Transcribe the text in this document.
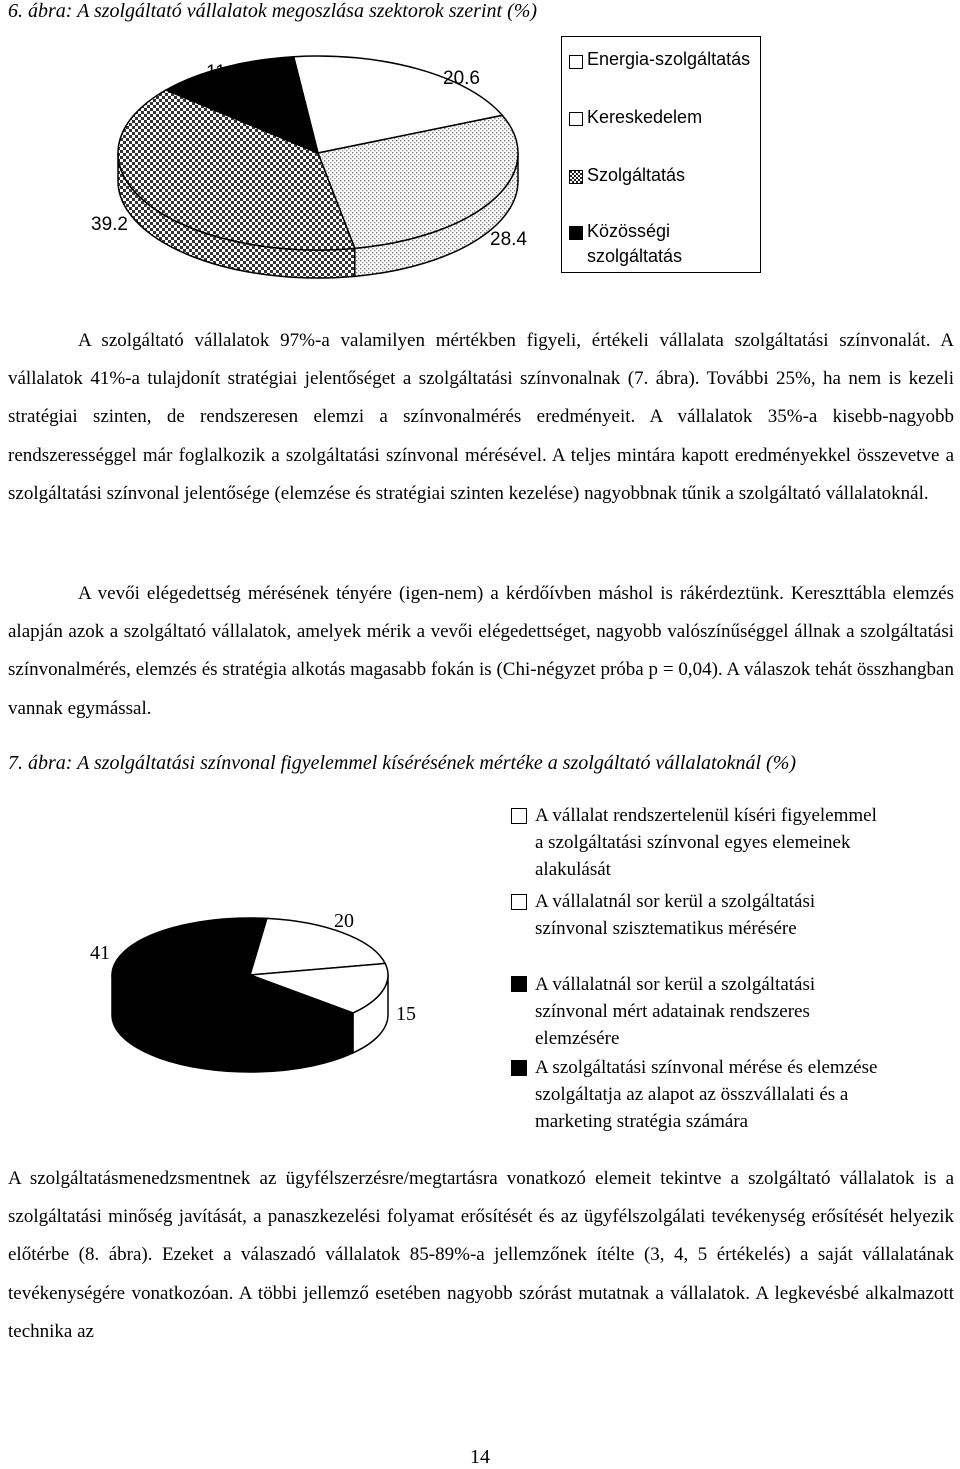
6. ábra: A szolgáltató vállalatok megoszlása szektorok szerint (%)
11.8	20.6
39.2
28.4
Energia-szolgáltatás
Kereskedelem
Szolgáltatás
Közösségi szolgáltatás
A szolgáltató vállalatok 97%-a valamilyen mértékben figyeli, értékeli vállalata szolgáltatási színvonalát. A vállalatok 41%-a tulajdonít stratégiai jelentőséget a szolgáltatási színvonalnak (7. ábra). További 25%, ha nem is kezeli stratégiai szinten, de rendszeresen elemzi a színvonalmérés eredményeit. A vállalatok 35%-a kisebb-nagyobb rendszerességgel már foglalkozik a szolgáltatási színvonal mérésével. A teljes mintára kapott eredményekkel összevetve a szolgáltatási színvonal jelentősége (elemzése és stratégiai szinten kezelése) nagyobbnak tűnik a szolgáltató vállalatoknál.
A vevői elégedettség mérésének tényére (igen-nem) a kérdőívben máshol is rákérdeztünk. Kereszttábla elemzés alapján azok a szolgáltató vállalatok, amelyek mérik a vevői elégedettséget, nagyobb valószínűséggel állnak a szolgáltatási színvonalmérés, elemzés és stratégia alkotás magasabb fokán is (Chi-négyzet próba p = 0,04). A válaszok tehát összhangban vannak egymással.
7. ábra: A szolgáltatási színvonal figyelemmel kísérésének mértéke a szolgáltató vállalatoknál (%)
41
20
15
25
A vállalat rendszertelenül kíséri figyelemmel
a szolgáltatási színvonal egyes elemeinek
alakulását
A vállalatnál sor kerül a szolgáltatási
színvonal szisztematikus mérésére
A vállalatnál sor kerül a szolgáltatási
színvonal mért adatainak rendszeres
elemzésére
A szolgáltatási színvonal mérése és elemzése
szolgáltatja az alapot az összvállalati és a
marketing stratégia számára
A szolgáltatásmenedzsmentnek az ügyfélszerzésre/megtartásra vonatkozó elemeit tekintve a szolgáltató vállalatok is a szolgáltatási minőség javítását, a panaszkezelési folyamat erősítését és az ügyfélszolgálati tevékenység erősítését helyezik előtérbe (8. ábra). Ezeket a válaszadó vállalatok 85-89%-a jellemzőnek ítélte (3, 4, 5 értékelés) a saját vállalatának tevékenységére vonatkozóan. A többi jellemző esetében nagyobb szórást mutatnak a vállalatok. A legkevésbé alkalmazott technika az
14
